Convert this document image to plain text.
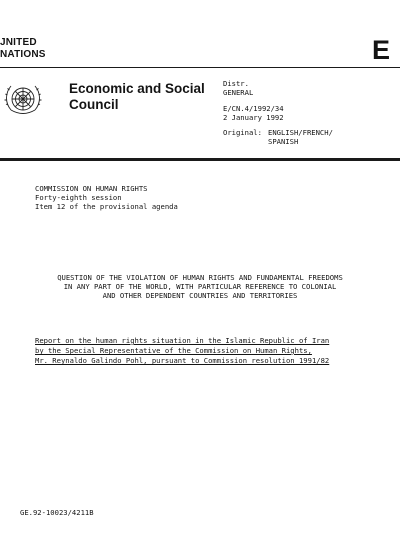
JNITED
NATIONS	E
Economic and Social
Council
Distr.
GENERAL
E/CN.4/1992/34
2 January 1992
Original: ENGLISH/FRENCH/
SPANISH
COMMISSION ON HUMAN RIGHTS
Forty-eighth session
Item 12 of the provisional agenda
QUESTION OF THE VIOLATION OF HUMAN RIGHTS AND FUNDAMENTAL FREEDOMS
IN ANY PART OF THE WORLD, WITH PARTICULAR REFERENCE TO COLONIAL
AND OTHER DEPENDENT COUNTRIES AND TERRITORIES
Report on the human rights situation in the Islamic Republic of Iran
by the Special Representative of the Commission on Human Rights,
Mr. Reynaldo Galindo Pohl, pursuant to Commission resolution 1991/82
GE.92-10023/4211B
